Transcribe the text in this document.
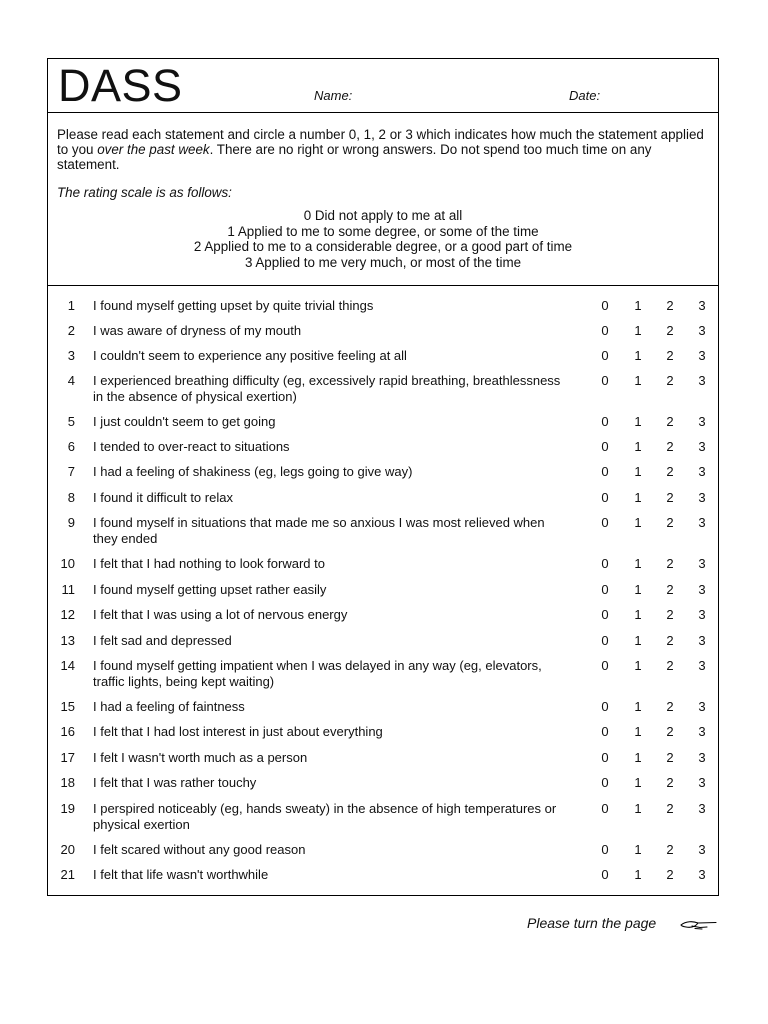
DASS	Name:	Date:
Please read each statement and circle a number 0, 1, 2 or 3 which indicates how much the statement applied to you over the past week. There are no right or wrong answers. Do not spend too much time on any statement.
The rating scale is as follows:
0 Did not apply to me at all
1 Applied to me to some degree, or some of the time
2 Applied to me to a considerable degree, or a good part of time
3 Applied to me very much, or most of the time
1 I found myself getting upset by quite trivial things	0 1 2 3
2 I was aware of dryness of my mouth	0 1 2 3
3 I couldn't seem to experience any positive feeling at all	0 1 2 3
4 I experienced breathing difficulty (eg, excessively rapid breathing, breathlessness in the absence of physical exertion)
0 1 2 3
5 I just couldn't seem to get going	0 1 2 3
6 I tended to over-react to situations	0 1 2 3
7 I had a feeling of shakiness (eg, legs going to give way)	0 1 2 3
8 I found it difficult to relax	0 1 2 3
9 I found myself in situations that made me so anxious I was most relieved when they ended
0 1 2 3
10 I felt that I had nothing to look forward to	0 1 2 3
11 I found myself getting upset rather easily	0 1 2 3
12 I felt that I was using a lot of nervous energy	0 1 2 3
13 I felt sad and depressed	0 1 2 3
14 I found myself getting impatient when I was delayed in any way (eg, elevators, traffic lights, being kept waiting)
0 1 2 3
15 I had a feeling of faintness	0 1 2 3
16 I felt that I had lost interest in just about everything	0 1 2 3
17 I felt I wasn't worth much as a person	0 1 2 3
18 I felt that I was rather touchy	0 1 2 3
19 I perspired noticeably (eg, hands sweaty) in the absence of high temperatures or physical exertion
0 1 2 3
20 I felt scared without any good reason	0 1 2 3
21 I felt that life wasn't worthwhile	0 1 2 3
Please turn the page
